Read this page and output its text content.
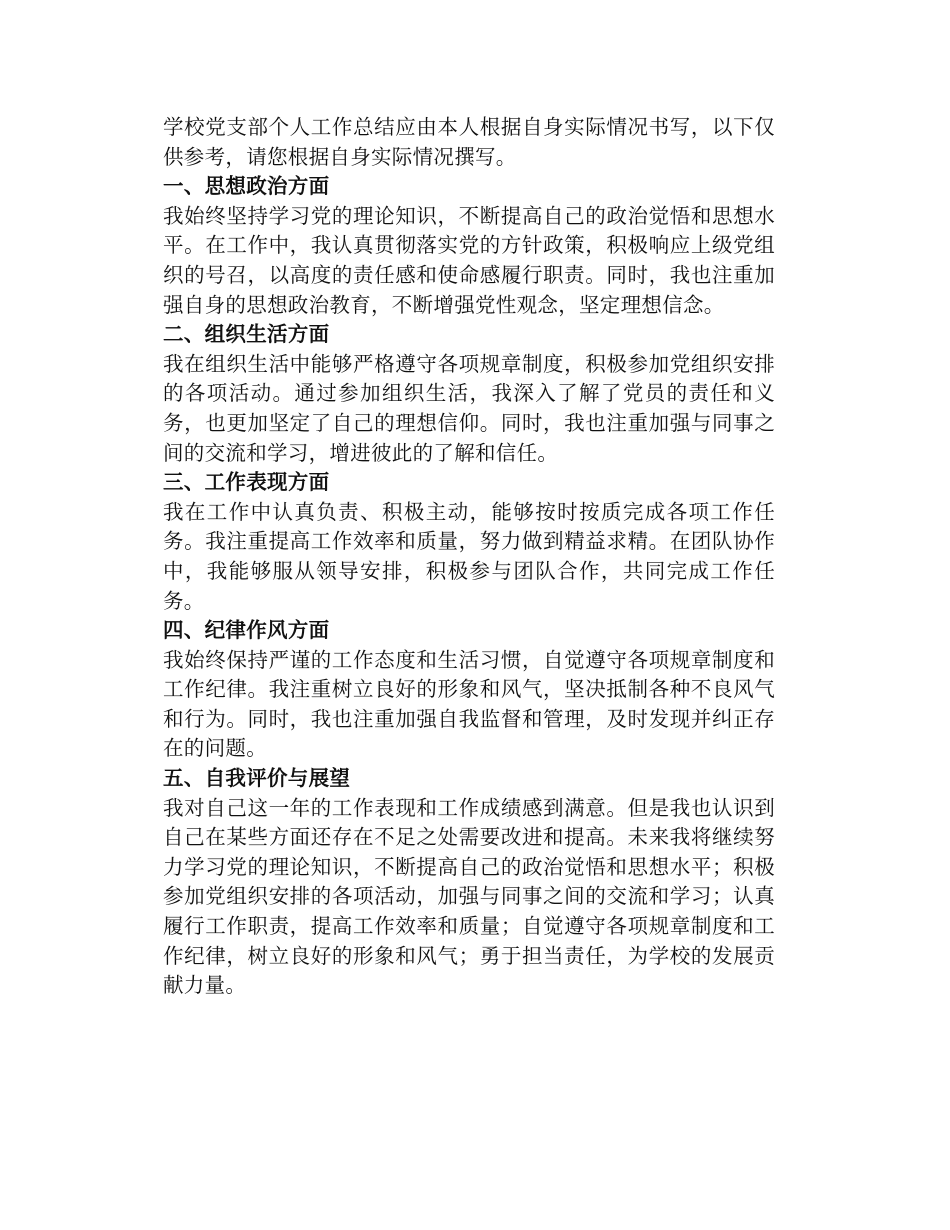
学校党支部个人工作总结应由本人根据自身实际情况书写，以下仅供参考，请您根据自身实际情况撰写。

一、思想政治方面

我始终坚持学习党的理论知识，不断提高自己的政治觉悟和思想水平。在工作中，我认真贯彻落实党的方针政策，积极响应上级党组织的号召，以高度的责任感和使命感履行职责。同时，我也注重加强自身的思想政治教育，不断增强党性观念，坚定理想信念。

二、组织生活方面

我在组织生活中能够严格遵守各项规章制度，积极参加党组织安排的各项活动。通过参加组织生活，我深入了解了党员的责任和义务，也更加坚定了自己的理想信仰。同时，我也注重加强与同事之间的交流和学习，增进彼此的了解和信任。

三、工作表现方面

我在工作中认真负责、积极主动，能够按时按质完成各项工作任务。我注重提高工作效率和质量，努力做到精益求精。在团队协作中，我能够服从领导安排，积极参与团队合作，共同完成工作任务。

四、纪律作风方面

我始终保持严谨的工作态度和生活习惯，自觉遵守各项规章制度和工作纪律。我注重树立良好的形象和风气，坚决抵制各种不良风气和行为。同时，我也注重加强自我监督和管理，及时发现并纠正存在的问题。

五、自我评价与展望

我对自己这一年的工作表现和工作成绩感到满意。但是我也认识到自己在某些方面还存在不足之处需要改进和提高。未来我将继续努力学习党的理论知识，不断提高自己的政治觉悟和思想水平；积极参加党组织安排的各项活动，加强与同事之间的交流和学习；认真履行工作职责，提高工作效率和质量；自觉遵守各项规章制度和工作纪律，树立良好的形象和风气；勇于担当责任，为学校的发展贡献力量。
